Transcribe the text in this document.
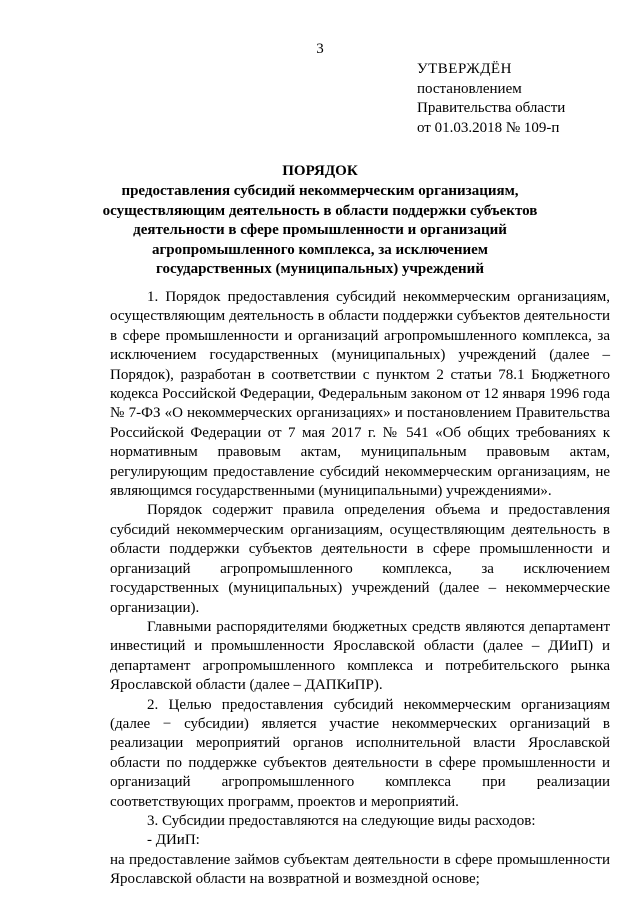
3
УТВЕРЖДЁН
постановлением
Правительства области
от 01.03.2018 № 109-п
ПОРЯДОК
предоставления субсидий некоммерческим организациям, осуществляющим деятельность в области поддержки субъектов деятельности в сфере промышленности и организаций агропромышленного комплекса, за исключением государственных (муниципальных) учреждений

1. Порядок предоставления субсидий некоммерческим организациям, осуществляющим деятельность в области поддержки субъектов деятельности в сфере промышленности и организаций агропромышленного комплекса, за исключением государственных (муниципальных) учреждений (далее – Порядок), разработан в соответствии с пунктом 2 статьи 78.1 Бюджетного кодекса Российской Федерации, Федеральным законом от 12 января 1996 года № 7-ФЗ «О некоммерческих организациях» и постановлением Правительства Российской Федерации от 7 мая 2017 г. № 541 «Об общих требованиях к нормативным правовым актам, муниципальным правовым актам, регулирующим предоставление субсидий некоммерческим организациям, не являющимся государственными (муниципальными) учреждениями».

Порядок содержит правила определения объема и предоставления субсидий некоммерческим организациям, осуществляющим деятельность в области поддержки субъектов деятельности в сфере промышленности и организаций агропромышленного комплекса, за исключением государственных (муниципальных) учреждений (далее – некоммерческие организации).

Главными распорядителями бюджетных средств являются департамент инвестиций и промышленности Ярославской области (далее – ДИиП) и департамент агропромышленного комплекса и потребительского рынка Ярославской области (далее – ДАПКиПР).

2. Целью предоставления субсидий некоммерческим организациям (далее − субсидии) является участие некоммерческих организаций в реализации мероприятий органов исполнительной власти Ярославской области по поддержке субъектов деятельности в сфере промышленности и организаций агропромышленного комплекса при реализации соответствующих программ, проектов и мероприятий.

3. Субсидии предоставляются на следующие виды расходов:

- ДИиП:

на предоставление займов субъектам деятельности в сфере промышленности Ярославской области на возвратной и возмездной основе;
